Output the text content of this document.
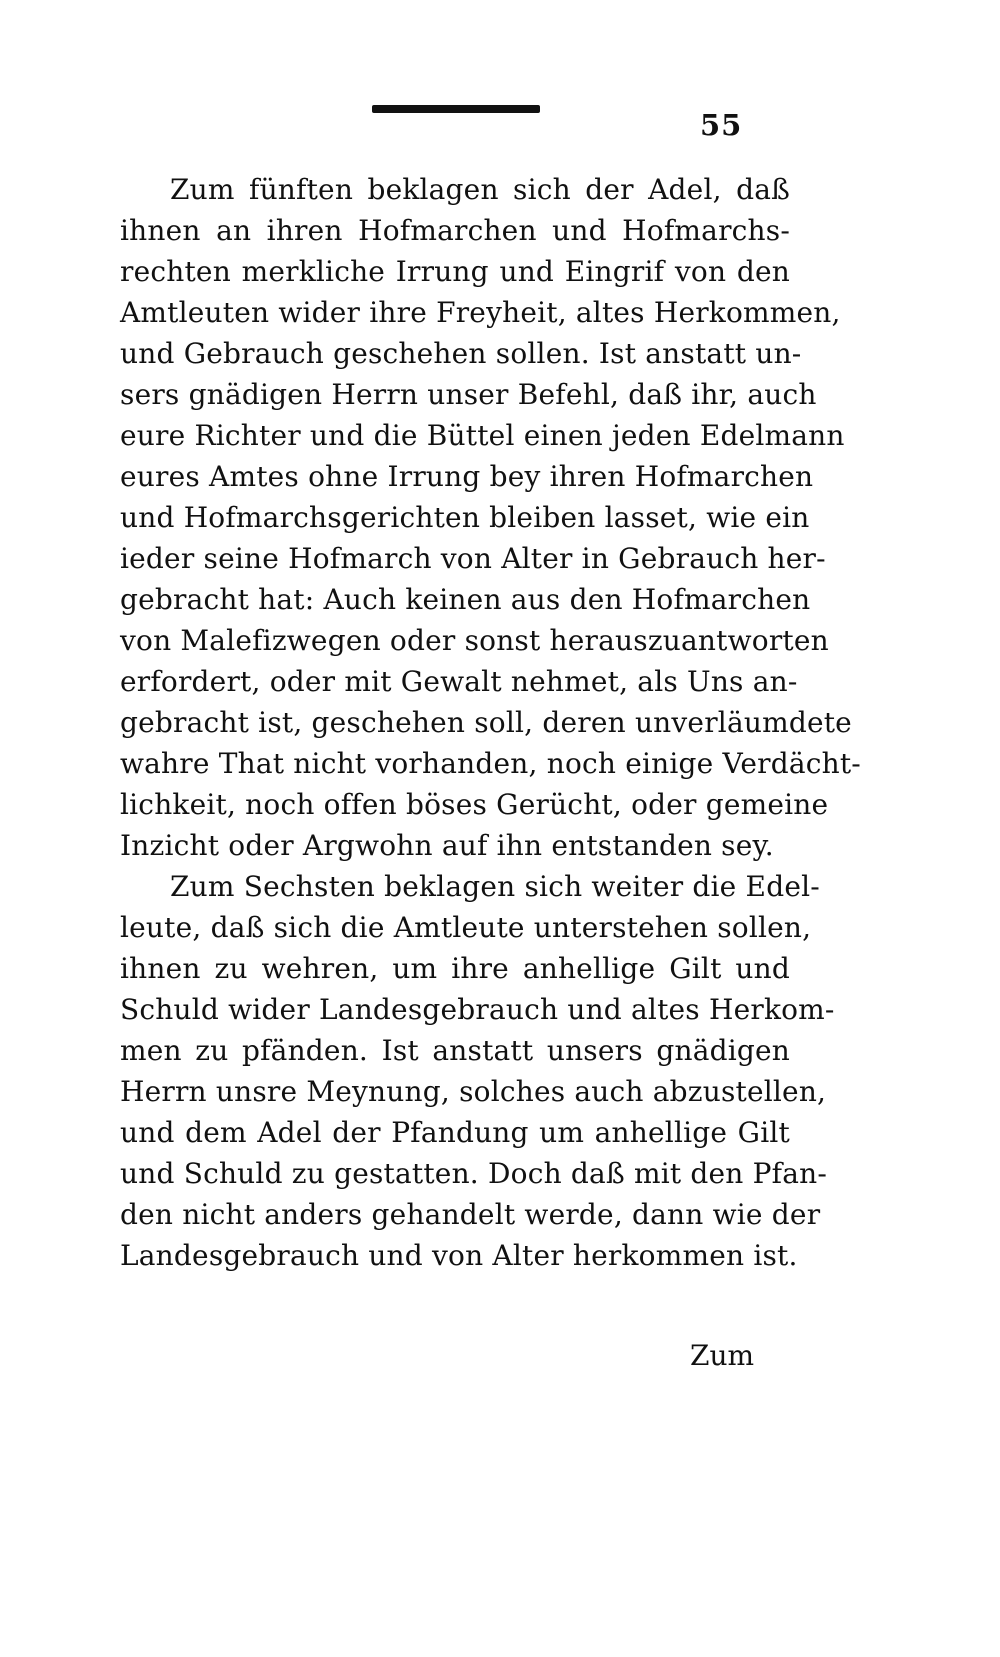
55
Zum fünften beklagen sich der Adel, daß
ihnen an ihren Hofmarchen und Hofmarchs-
rechten merkliche Irrung und Eingrif von den
Amtleuten wider ihre Freyheit, altes Herkommen,
und Gebrauch geschehen sollen. Ist anstatt un-
sers gnädigen Herrn unser Befehl, daß ihr, auch
eure Richter und die Büttel einen jeden Edelmann
eures Amtes ohne Irrung bey ihren Hofmarchen
und Hofmarchsgerichten bleiben lasset, wie ein
ieder seine Hofmarch von Alter in Gebrauch her-
gebracht hat: Auch keinen aus den Hofmarchen
von Malefizwegen oder sonst herauszuantworten
erfordert, oder mit Gewalt nehmet, als Uns an-
gebracht ist, geschehen soll, deren unverläumdete
wahre That nicht vorhanden, noch einige Verdächt-
lichkeit, noch offen böses Gerücht, oder gemeine
Inzicht oder Argwohn auf ihn entstanden sey.
Zum Sechsten beklagen sich weiter die Edel-
leute, daß sich die Amtleute unterstehen sollen,
ihnen zu wehren, um ihre anhellige Gilt und
Schuld wider Landesgebrauch und altes Herkom-
men zu pfänden. Ist anstatt unsers gnädigen
Herrn unsre Meynung, solches auch abzustellen,
und dem Adel der Pfandung um anhellige Gilt
und Schuld zu gestatten. Doch daß mit den Pfan-
den nicht anders gehandelt werde, dann wie der
Landesgebrauch und von Alter herkommen ist.
Zum
